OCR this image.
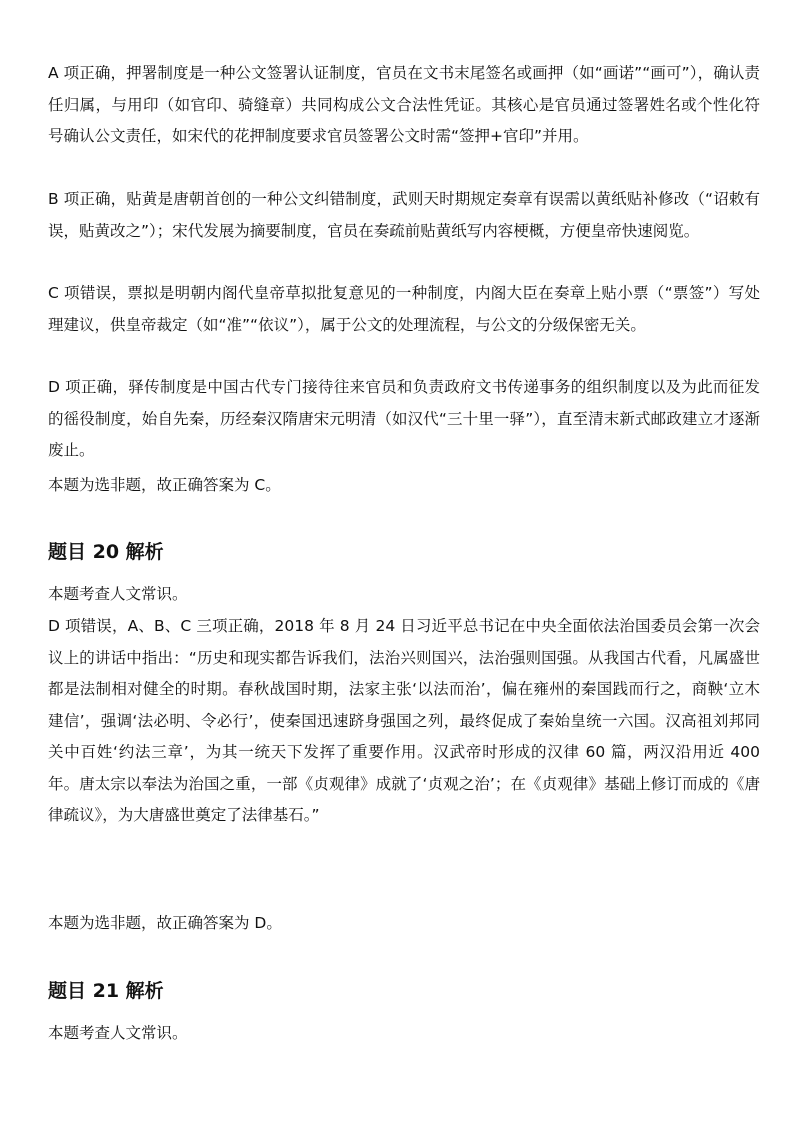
A 项正确，押署制度是一种公文签署认证制度，官员在文书末尾签名或画押（如“画诺”“画可”），确认责任归属，与用印（如官印、骑缝章）共同构成公文合法性凭证。其核心是官员通过签署姓名或个性化符号确认公文责任，如宋代的花押制度要求官员签署公文时需“签押+官印”并用。

B 项正确，贴黄是唐朝首创的一种公文纠错制度，武则天时期规定奏章有误需以黄纸贴补修改（“诏敕有误，贴黄改之”）；宋代发展为摘要制度，官员在奏疏前贴黄纸写内容梗概，方便皇帝快速阅览。

C 项错误，票拟是明朝内阁代皇帝草拟批复意见的一种制度，内阁大臣在奏章上贴小票（“票签”）写处理建议，供皇帝裁定（如“准”“依议”），属于公文的处理流程，与公文的分级保密无关。

D 项正确，驿传制度是中国古代专门接待往来官员和负责政府文书传递事务的组织制度以及为此而征发的徭役制度，始自先秦，历经秦汉隋唐宋元明清（如汉代“三十里一驿”），直至清末新式邮政建立才逐渐废止。

本题为选非题，故正确答案为 C。

题目 20 解析

本题考查人文常识。

D 项错误，A、B、C 三项正确，2018 年 8 月 24 日习近平总书记在中央全面依法治国委员会第一次会议上的讲话中指出：“历史和现实都告诉我们，法治兴则国兴，法治强则国强。从我国古代看，凡属盛世都是法制相对健全的时期。春秋战国时期，法家主张‘以法而治’，偏在雍州的秦国践而行之，商鞅‘立木建信’，强调‘法必明、令必行’，使秦国迅速跻身强国之列，最终促成了秦始皇统一六国。汉高祖刘邦同关中百姓‘约法三章’，为其一统天下发挥了重要作用。汉武帝时形成的汉律 60 篇，两汉沿用近 400 年。唐太宗以奉法为治国之重，一部《贞观律》成就了‘贞观之治’；在《贞观律》基础上修订而成的《唐律疏议》，为大唐盛世奠定了法律基石。”

本题为选非题，故正确答案为 D。

题目 21 解析

本题考查人文常识。
